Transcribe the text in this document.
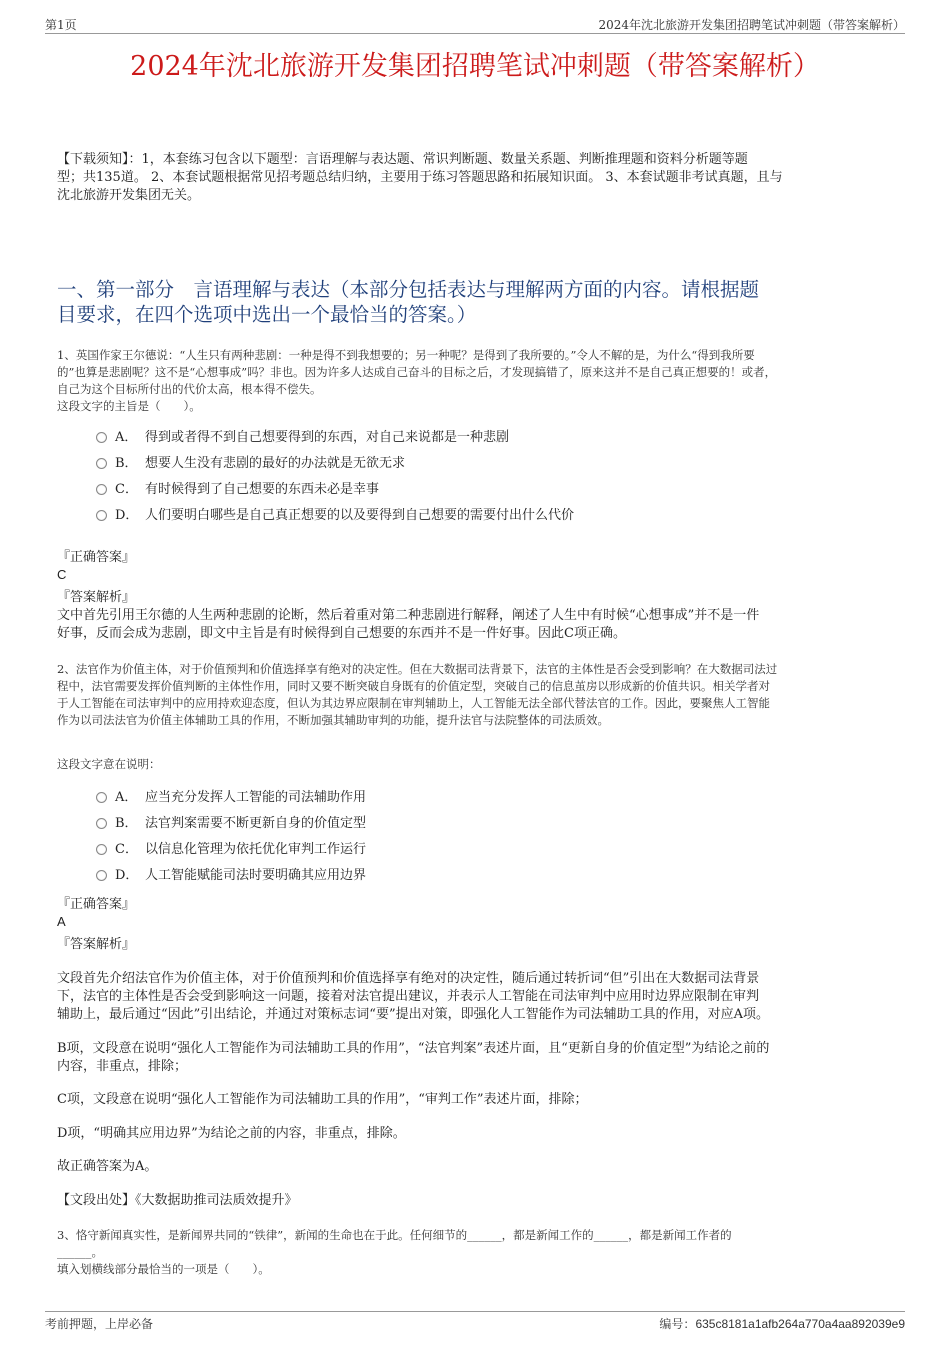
第1页	2024年沈北旅游开发集团招聘笔试冲刺题（带答案解析）
2024年沈北旅游开发集团招聘笔试冲刺题（带答案解析）
【下载须知】：1，本套练习包含以下题型：言语理解与表达题、常识判断题、数量关系题、判断推理题和资料分析题等题
型；共135道。 2、本套试题根据常见招考题总结归纳，主要用于练习答题思路和拓展知识面。 3、本套试题非考试真题，且与
沈北旅游开发集团无关。
一、第一部分　言语理解与表达（本部分包括表达与理解两方面的内容。请根据题
目要求，在四个选项中选出一个最恰当的答案。）
1、英国作家王尔德说：“人生只有两种悲剧：一种是得不到我想要的；另一种呢？是得到了我所要的。”令人不解的是，为什么“得到我所要
的”也算是悲剧呢？这不是“心想事成”吗？非也。因为许多人达成自己奋斗的目标之后，才发现搞错了，原来这并不是自己真正想要的！或者，
自己为这个目标所付出的代价太高，根本得不偿失。
这段文字的主旨是（　　）。
A． 得到或者得不到自己想要得到的东西，对自己来说都是一种悲剧
B． 想要人生没有悲剧的最好的办法就是无欲无求
C． 有时候得到了自己想要的东西未必是幸事
D． 人们要明白哪些是自己真正想要的以及要得到自己想要的需要付出什么代价
『正确答案』
C
『答案解析』
文中首先引用王尔德的人生两种悲剧的论断，然后着重对第二种悲剧进行解释，阐述了人生中有时候“心想事成”并不是一件
好事，反而会成为悲剧，即文中主旨是有时候得到自己想要的东西并不是一件好事。因此C项正确。
2、法官作为价值主体，对于价值预判和价值选择享有绝对的决定性。但在大数据司法背景下，法官的主体性是否会受到影响？在大数据司法过
程中，法官需要发挥价值判断的主体性作用，同时又要不断突破自身既有的价值定型，突破自己的信息茧房以形成新的价值共识。相关学者对
于人工智能在司法审判中的应用持欢迎态度，但认为其边界应限制在审判辅助上，人工智能无法全部代替法官的工作。因此，要聚焦人工智能
作为以司法法官为价值主体辅助工具的作用，不断加强其辅助审判的功能，提升法官与法院整体的司法质效。
这段文字意在说明：
A． 应当充分发挥人工智能的司法辅助作用
B． 法官判案需要不断更新自身的价值定型
C． 以信息化管理为依托优化审判工作运行
D． 人工智能赋能司法时要明确其应用边界
『正确答案』
A
『答案解析』
文段首先介绍法官作为价值主体，对于价值预判和价值选择享有绝对的决定性，随后通过转折词“但”引出在大数据司法背景
下，法官的主体性是否会受到影响这一问题，接着对法官提出建议，并表示人工智能在司法审判中应用时边界应限制在审判
辅助上，最后通过“因此”引出结论，并通过对策标志词“要”提出对策，即强化人工智能作为司法辅助工具的作用，对应A项。
B项，文段意在说明“强化人工智能作为司法辅助工具的作用”，“法官判案”表述片面，且“更新自身的价值定型”为结论之前的
内容，非重点，排除；
C项，文段意在说明“强化人工智能作为司法辅助工具的作用”，“审判工作”表述片面，排除；
D项，“明确其应用边界”为结论之前的内容，非重点，排除。
故正确答案为A。
【文段出处】《大数据助推司法质效提升》
3、恪守新闻真实性，是新闻界共同的“铁律”，新闻的生命也在于此。任何细节的______，都是新闻工作的______，都是新闻工作者的
______。
填入划横线部分最恰当的一项是（　　）。
考前押题，上岸必备	编号：635c8181a1afb264a770a4aa892039e9
